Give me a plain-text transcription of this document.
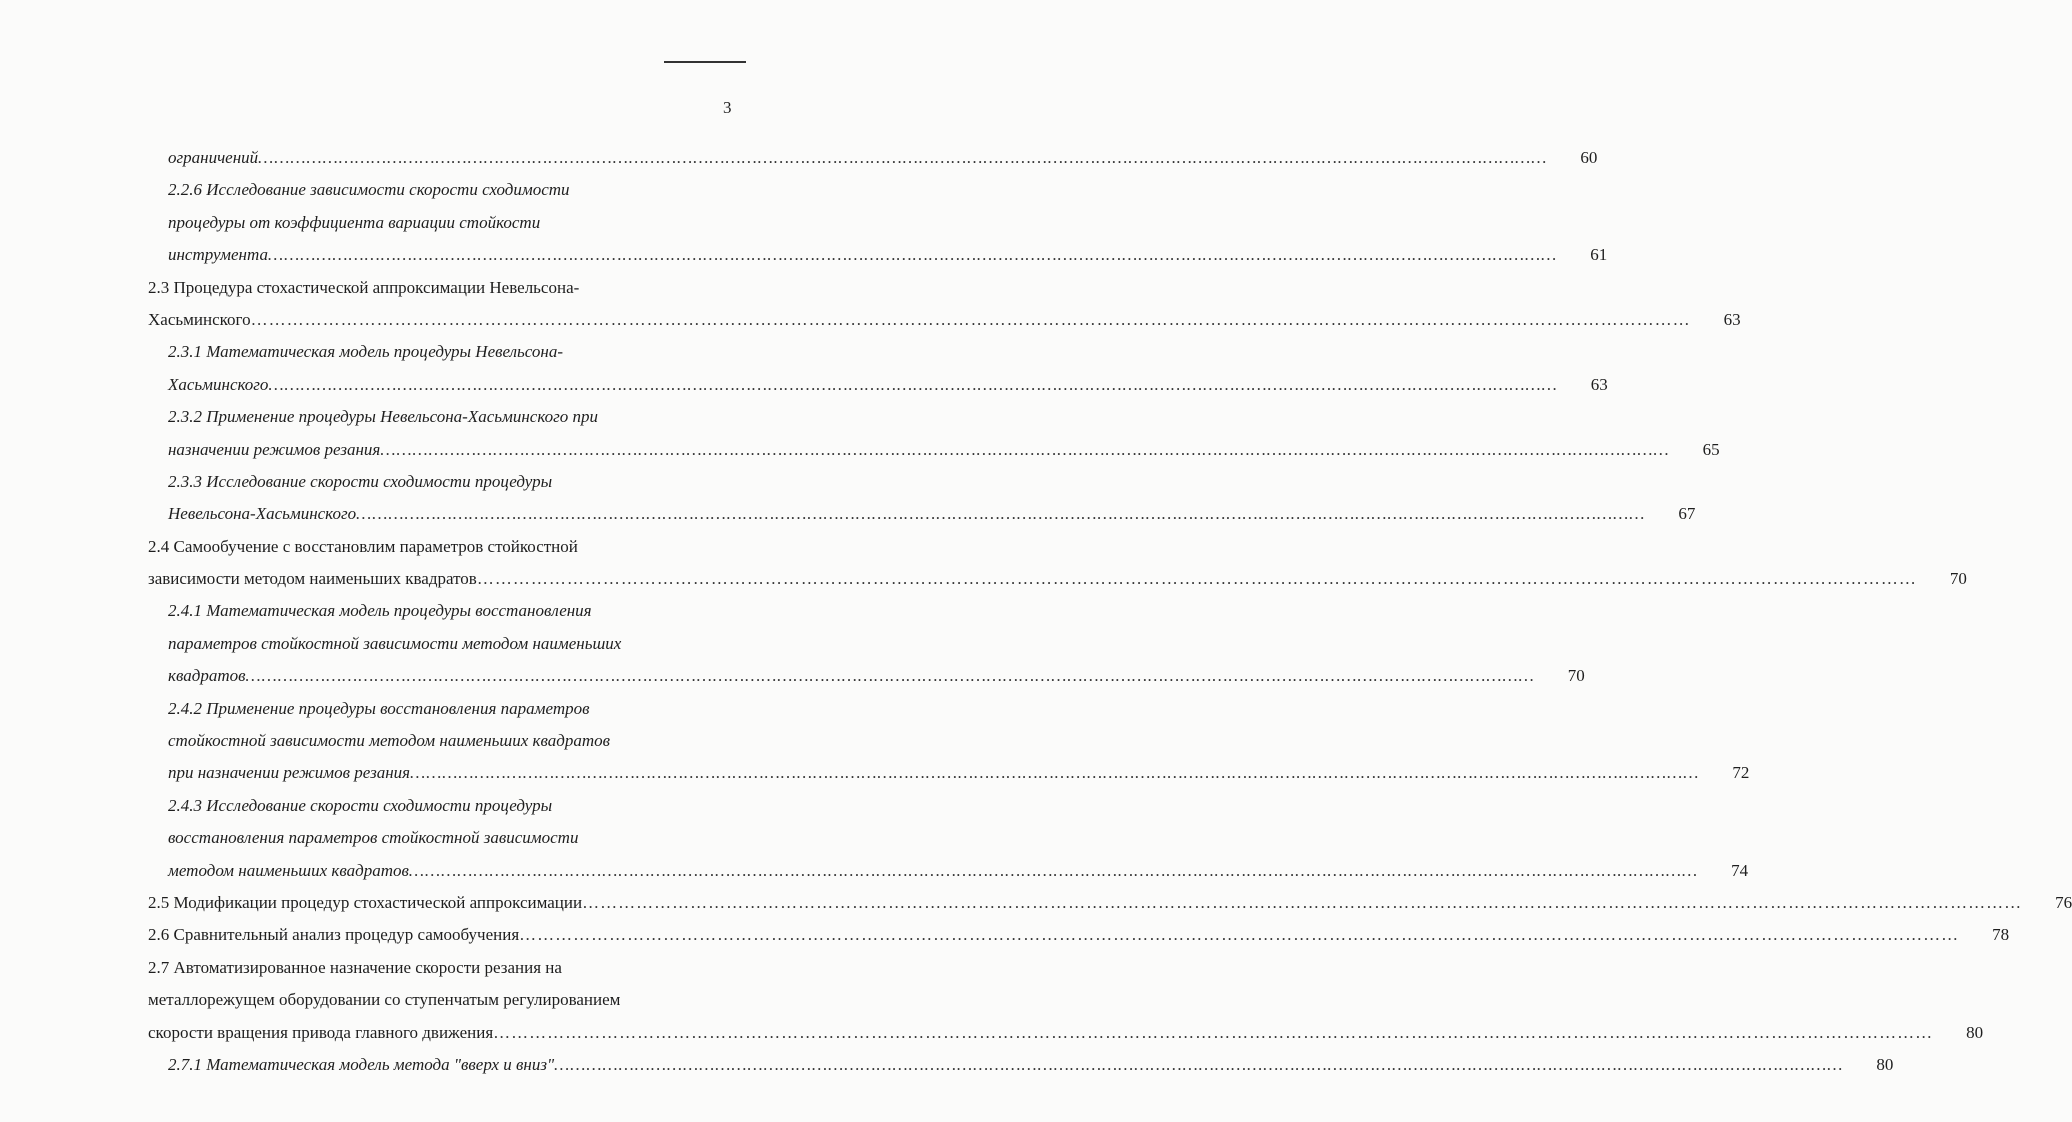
3
ограничений ……………………………………………………………………………………………………………………………………………………………………………………………………………………	60
2.2.6 Исследование зависимости скорости сходимости
процедуры от коэффициента вариации стойкости
инструмента ……………………………………………………………………………………………………………………………………………………………………………………………………………………	61
2.3 Процедура стохастической аппроксимации Невельсона-
Хасьминского ……………………………………………………………………………………………………………………………………………………………………………………………………………………	63
2.3.1 Математическая модель процедуры Невельсона-
Хасьминского ……………………………………………………………………………………………………………………………………………………………………………………………………………………	63
2.3.2 Применение процедуры Невельсона-Хасьминского при
назначении режимов резания ……………………………………………………………………………………………………………………………………………………………………………………………………………………	65
2.3.3 Исследование скорости сходимости процедуры
Невельсона-Хасьминского ……………………………………………………………………………………………………………………………………………………………………………………………………………………	67
2.4 Самообучение с восстановлим параметров стойкостной
зависимости методом наименьших квадратов ……………………………………………………………………………………………………………………………………………………………………………………………………………………	70
2.4.1 Математическая модель процедуры восстановления
параметров стойкостной зависимости методом наименьших
квадратов ……………………………………………………………………………………………………………………………………………………………………………………………………………………	70
2.4.2 Применение процедуры восстановления параметров
стойкостной зависимости методом наименьших квадратов
при назначении режимов резания ……………………………………………………………………………………………………………………………………………………………………………………………………………………	72
2.4.3 Исследование скорости сходимости процедуры
восстановления параметров стойкостной зависимости
методом наименьших квадратов ……………………………………………………………………………………………………………………………………………………………………………………………………………………	74
2.5 Модификации процедур стохастической аппроксимации ……………………………………………………………………………………………………………………………………………………………………………………………………………………	76
2.6 Сравнительный анализ процедур самообучения ……………………………………………………………………………………………………………………………………………………………………………………………………………………	78
2.7 Автоматизированное назначение скорости резания на
металлорежущем оборудовании со ступенчатым регулированием
скорости вращения привода главного движения ……………………………………………………………………………………………………………………………………………………………………………………………………………………	80
2.7.1 Математическая модель метода "вверх и вниз" ……………………………………………………………………………………………………………………………………………………………………………………………………………………	80
